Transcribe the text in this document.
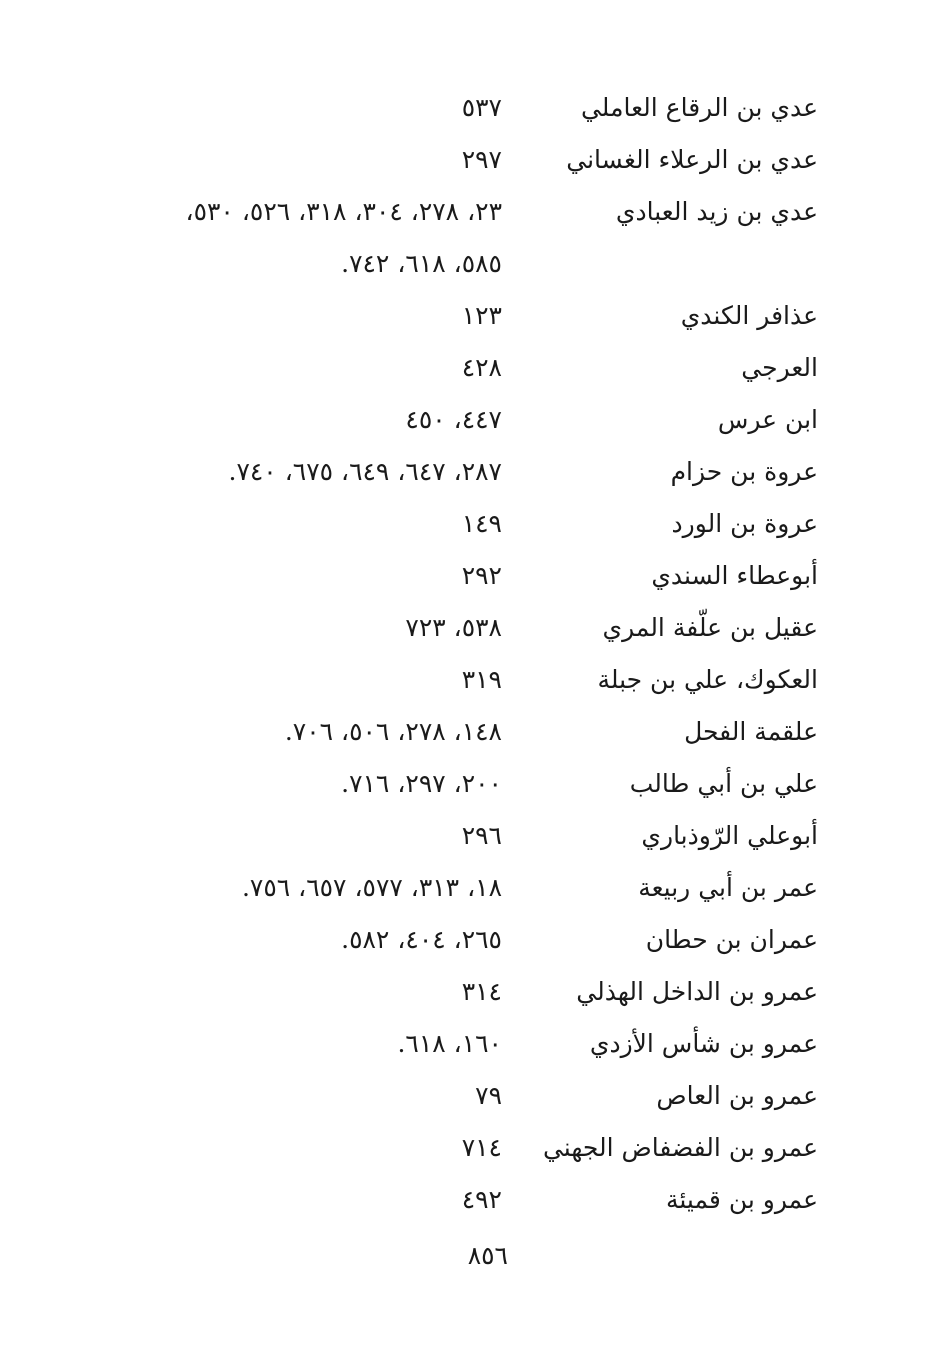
عدي بن الرقاع العاملي
٥٣٧
عدي بن الرعلاء الغساني
٢٩٧
عدي بن زيد العبادي
٢٣، ٢٧٨، ٣٠٤، ٣١٨، ٥٢٦، ٥٣٠،
٥٨٥، ٦١٨، ٧٤٢.
عذافر الكندي
١٢٣
العرجي
٤٢٨
ابن عرس
٤٤٧، ٤٥٠
عروة بن حزام
٢٨٧، ٦٤٧، ٦٤٩، ٦٧٥، ٧٤٠.
عروة بن الورد
١٤٩
أبوعطاء السندي
٢٩٢
عقيل بن علّفة المري
٥٣٨، ٧٢٣
العكوك، علي بن جبلة
٣١٩
علقمة الفحل
١٤٨، ٢٧٨، ٥٠٦، ٧٠٦.
علي بن أبي طالب
٢٠٠، ٢٩٧، ٧١٦.
أبوعلي الرّوذباري
٢٩٦
عمر بن أبي ربيعة
١٨، ٣١٣، ٥٧٧، ٦٥٧، ٧٥٦.
عمران بن حطان
٢٦٥، ٤٠٤، ٥٨٢.
عمرو بن الداخل الهذلي
٣١٤
عمرو بن شأس الأزدي
١٦٠، ٦١٨.
عمرو بن العاص
٧٩
عمرو بن الفضفاض الجهني
٧١٤
عمرو بن قميئة
٤٩٢
٨٥٦
